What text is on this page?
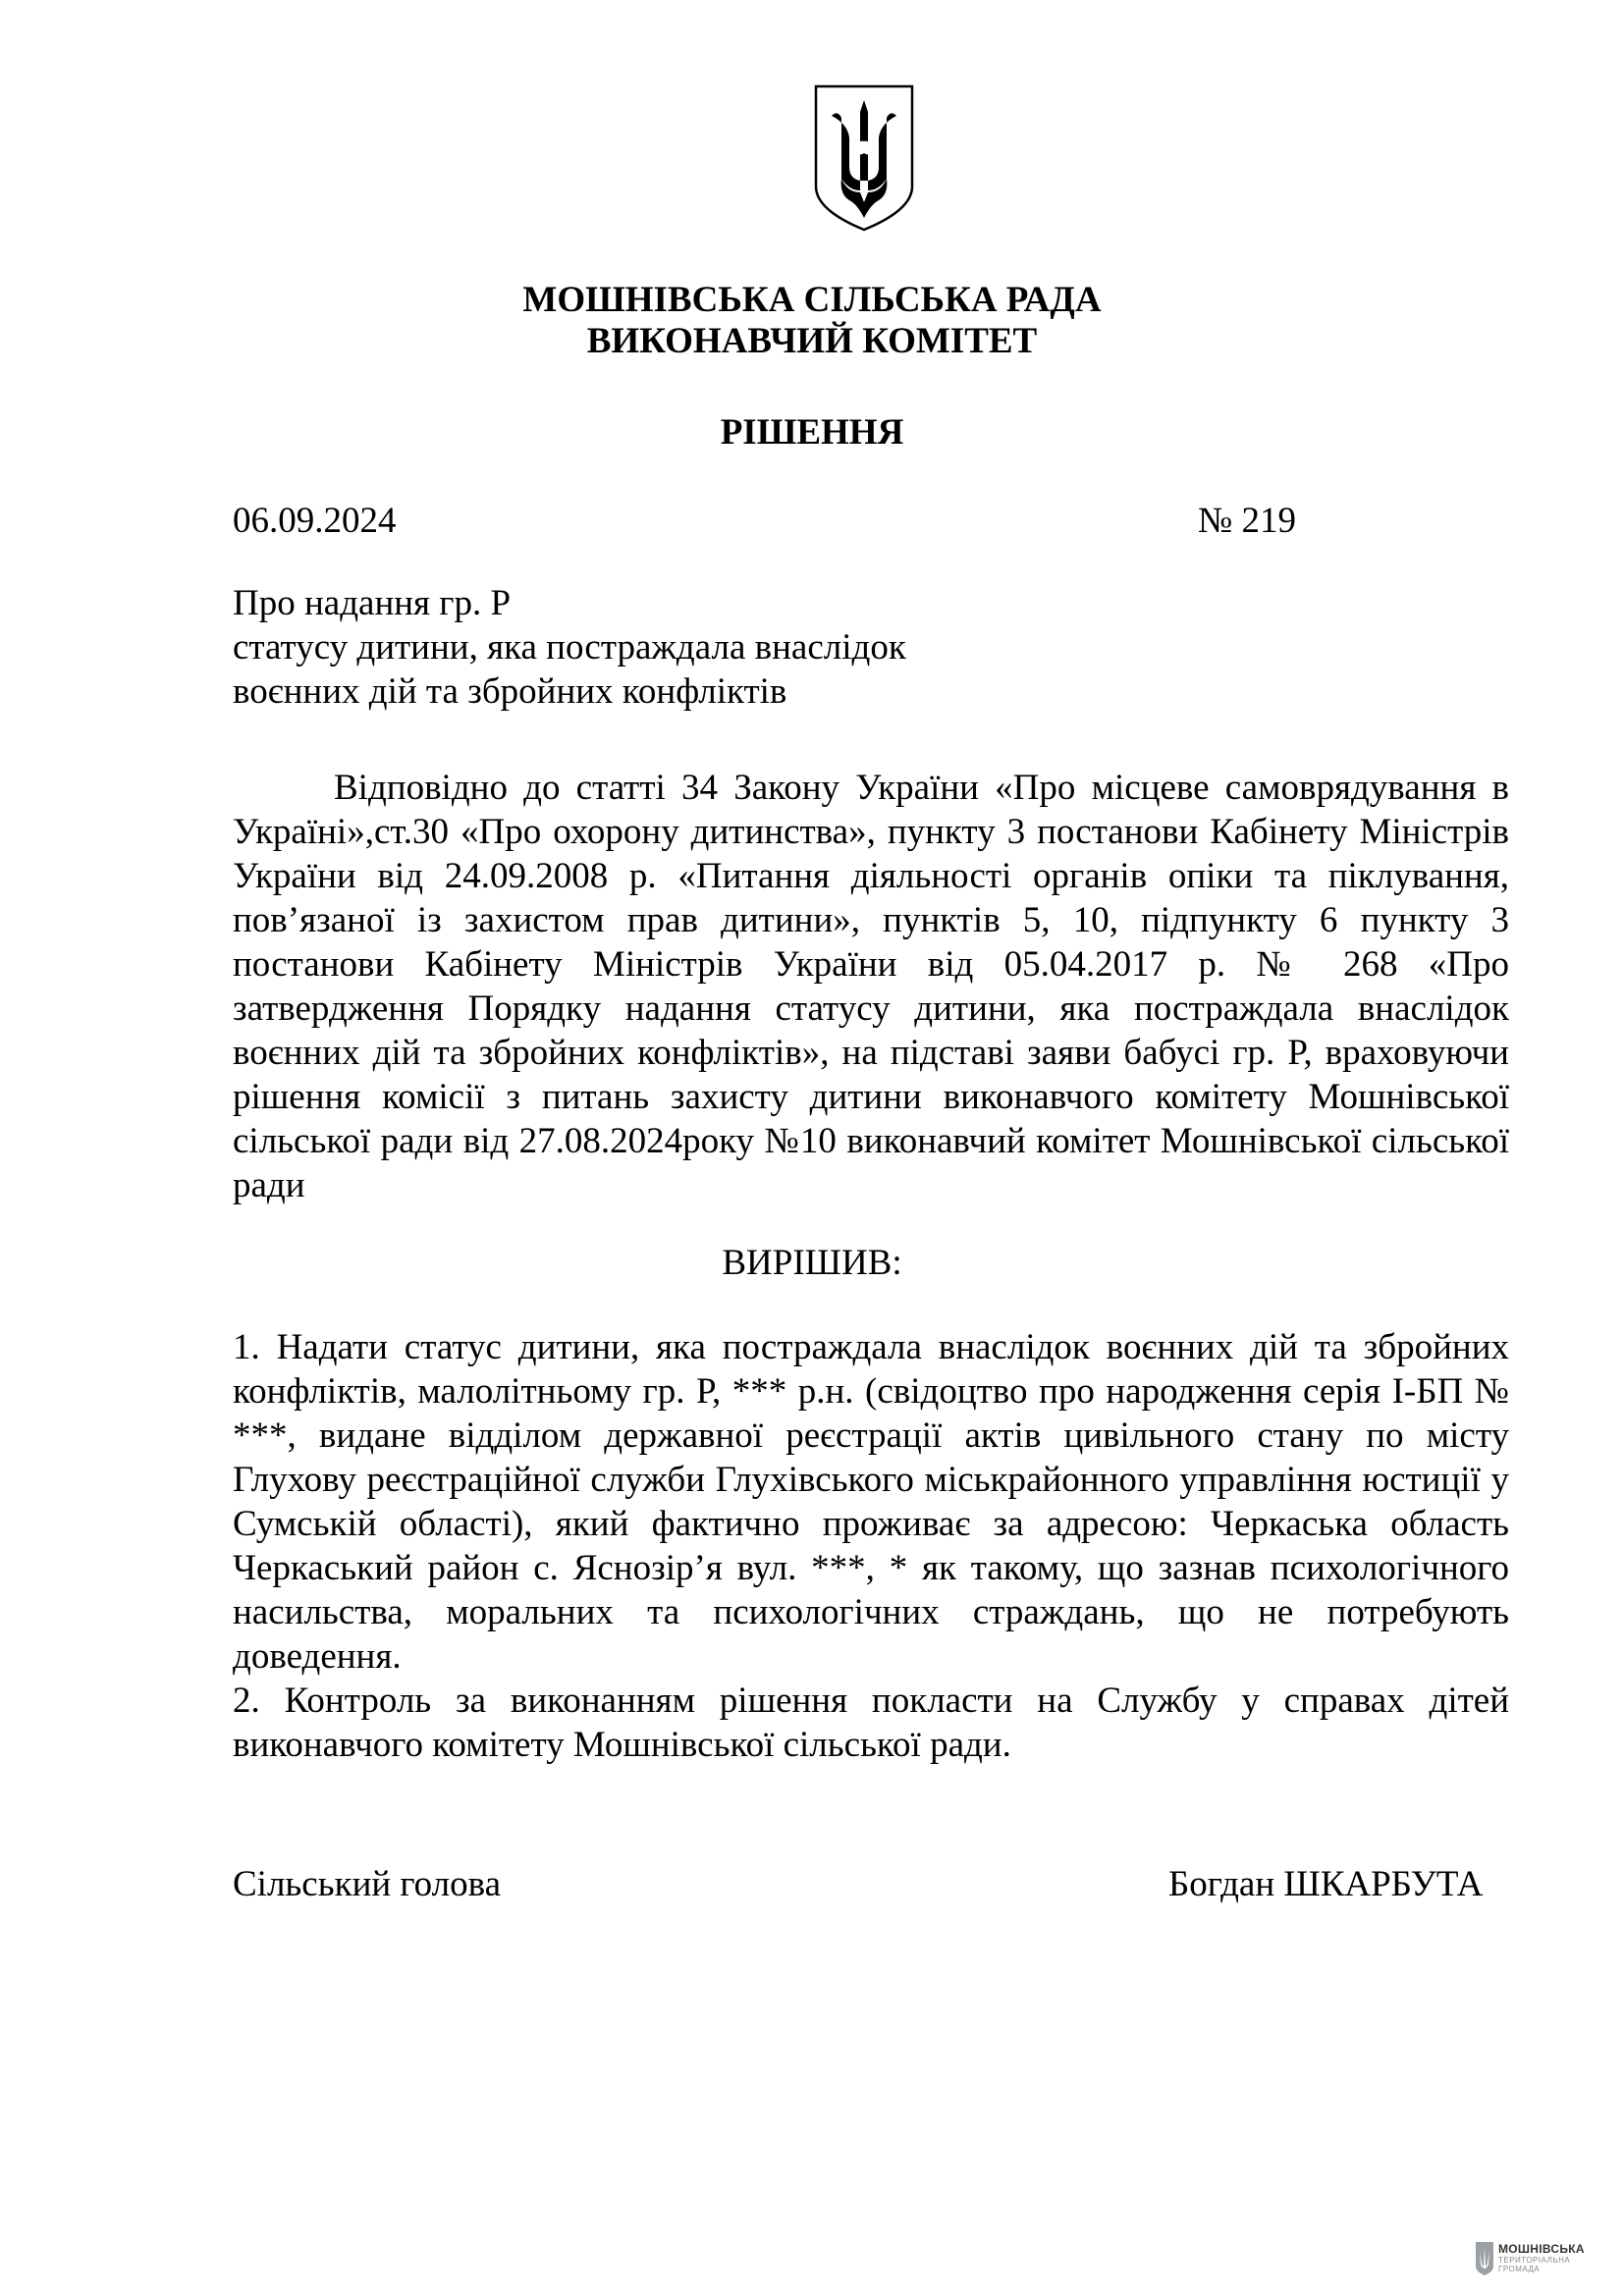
МОШНІВСЬКА СІЛЬСЬКА РАДА
ВИКОНАВЧИЙ КОМІТЕТ
РІШЕННЯ
06.09.2024	№ 219
Про надання гр. Р
статусу дитини, яка постраждала внаслідок
воєнних дій та збройних конфліктів

Відповідно до статті 34 Закону України «Про місцеве самоврядування в Україні»,ст.30 «Про охорону дитинства», пункту 3 постанови Кабінету Міністрів України від 24.09.2008 р. «Питання діяльності органів опіки та піклування, пов’язаної із захистом прав дитини», пунктів 5, 10, підпункту 6 пункту 3 постанови Кабінету Міністрів України від 05.04.2017 р. № 268 «Про затвердження Порядку надання статусу дитини, яка постраждала внаслідок воєнних дій та збройних конфліктів», на підставі заяви бабусі гр. Р, враховуючи рішення комісії з питань захисту дитини виконавчого комітету Мошнівської сільської ради від 27.08.2024року №10 виконавчий комітет Мошнівської сільської ради

ВИРІШИВ:

1. Надати статус дитини, яка постраждала внаслідок воєнних дій та збройних конфліктів, малолітньому гр. Р, *** р.н. (свідоцтво про народження серія І-БП № ***, видане відділом державної реєстрації актів цивільного стану по місту Глухову реєстраційної служби Глухівського міськрайонного управління юстиції у Сумській області), який фактично проживає за адресою: Черкаська область Черкаський район с. Яснозір’я вул. ***, * як такому, що зазнав психологічного насильства, моральних та психологічних страждань, що не потребують доведення.

2. Контроль за виконанням рішення покласти на Службу у справах дітей виконавчого комітету Мошнівської сільської ради.

Сільський голова	Богдан ШКАРБУТА
МОШНІВСЬКА
ТЕРИТОРІАЛЬНА
ГРОМАДА
